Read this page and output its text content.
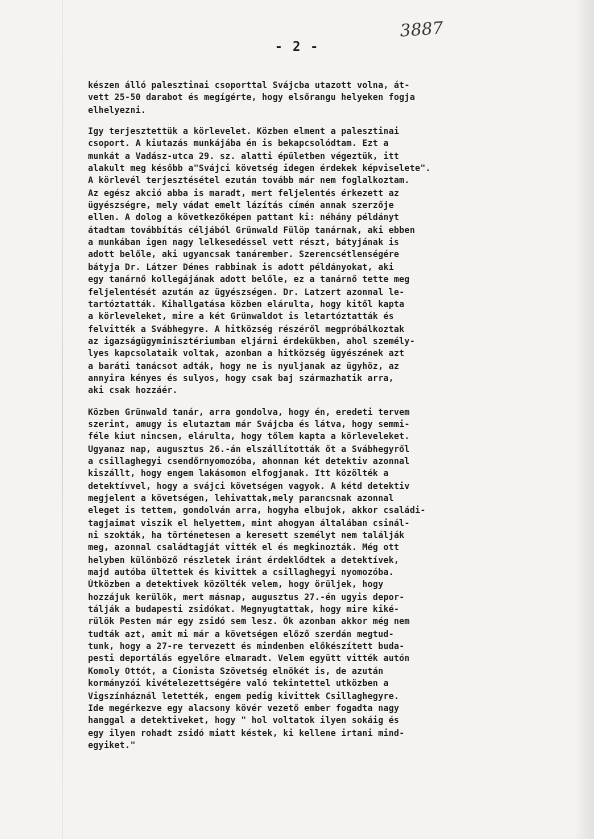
3887
- 2 -
készen álló palesztinai csoporttal Svájcba utazott volna, át-
vett 25-50 darabot és megígérte, hogy elsőrangu helyeken fogja
elhelyezni.
Igy terjesztettük a körlevelet. Közben elment a palesztinai
csoport. A kiutazás munkájába én is bekapcsolódtam. Ezt a
munkát a Vadász-utca 29. sz. alatti épületben végeztük, itt
alakult meg később a"Svájci követség idegen érdekek képviselete".
A körlevél terjesztésétel ezután tovább már nem foglalkoztam.
Az egész akció abba is maradt, mert feljelentés érkezett az
ügyészségre, mely vádat emelt lázítás címén annak szerzője
ellen. A dolog a következőképen pattant ki: néhány példányt
átadtam továbbítás céljából Grünwald Fülöp tanárnak, aki ebben
a munkában igen nagy lelkesedéssel vett részt, bátyjának is
adott belőle, aki ugyancsak tanárember. Szerencsétlenségére
bátyja Dr. Látzer Dénes rabbinak is adott példányokat, aki
egy tanárnő kollegájának adott belőle, ez a tanárnő tette meg
feljelentését azután az ügyészségen. Dr. Latzert azonnal le-
tartóztatták. Kihallgatása közben elárulta, hogy kitől kapta
a körleveleket, mire a két Grünwaldot is letartóztatták és
felvitték a Svábhegyre. A hitközség részéről megpróbálkoztak
az igazságügyminisztériumban eljárni érdekükben, ahol személy-
lyes kapcsolataik voltak, azonban a hitközség ügyészének azt
a baráti tanácsot adták, hogy ne is nyuljanak az ügyhöz, az
annyira kényes és sulyos, hogy csak baj származhatik arra,
aki csak hozzáér.
Közben Grünwald tanár, arra gondolva, hogy én, eredeti tervem
szerint, amugy is elutaztam már Svájcba és látva, hogy semmi-
féle kiut nincsen, elárulta, hogy tőlem kapta a körleveleket.
Ugyanaz nap, augusztus 26.-án elszállították őt a Svábhegyről
a csillaghegyi csendőrnyomozóba, ahonnan két detektiv azonnal
kiszállt, hogy engem lakásomon elfogjanak. Itt közölték a
detektívvel, hogy a svájci követségen vagyok. A kétd detektiv
megjelent a követségen, lehivattak,mely parancsnak azonnal
eleget is tettem, gondolván arra, hogyha elbujok, akkor családi-
tagjaimat viszik el helyettem, mint ahogyan általában csinál-
ni szokták, ha történetesen a keresett személyt nem találják
meg, azonnal családtagját vitték el és megkinozták. Még ott
helyben különböző részletek iránt érdeklődtek a detektívek,
majd autóba ültettek és kivittek a csillaghegyi nyomozóba.
Útközben a detektivek közölték velem, hogy örüljek, hogy
hozzájuk kerülök, mert másnap, augusztus 27.-én ugyis depor-
tálják a budapesti zsidókat. Megnyugtattak, hogy mire kiké-
rülök Pesten már egy zsidó sem lesz. Ők azonban akkor még nem
tudták azt, amit mi már a követségen előző szerdán megtud-
tunk, hogy a 27-re tervezett és mindenben előkészített buda-
pesti deportálás egyelőre elmaradt. Velem együtt vitték autón
Komoly Ottót, a Cionista Szövetség elnökét is, de azután
kormányzói kivételezettségére való tekintettel utközben a
Vigszínháznál letették, engem pedig kivittek Csillaghegyre.
Ide megérkezve egy alacsony kövér vezető ember fogadta nagy
hanggal a detektiveket, hogy " hol voltatok ilyen sokáig és
egy ilyen rohadt zsidó miatt késtek, ki kellene irtani mind-
egyiket."
